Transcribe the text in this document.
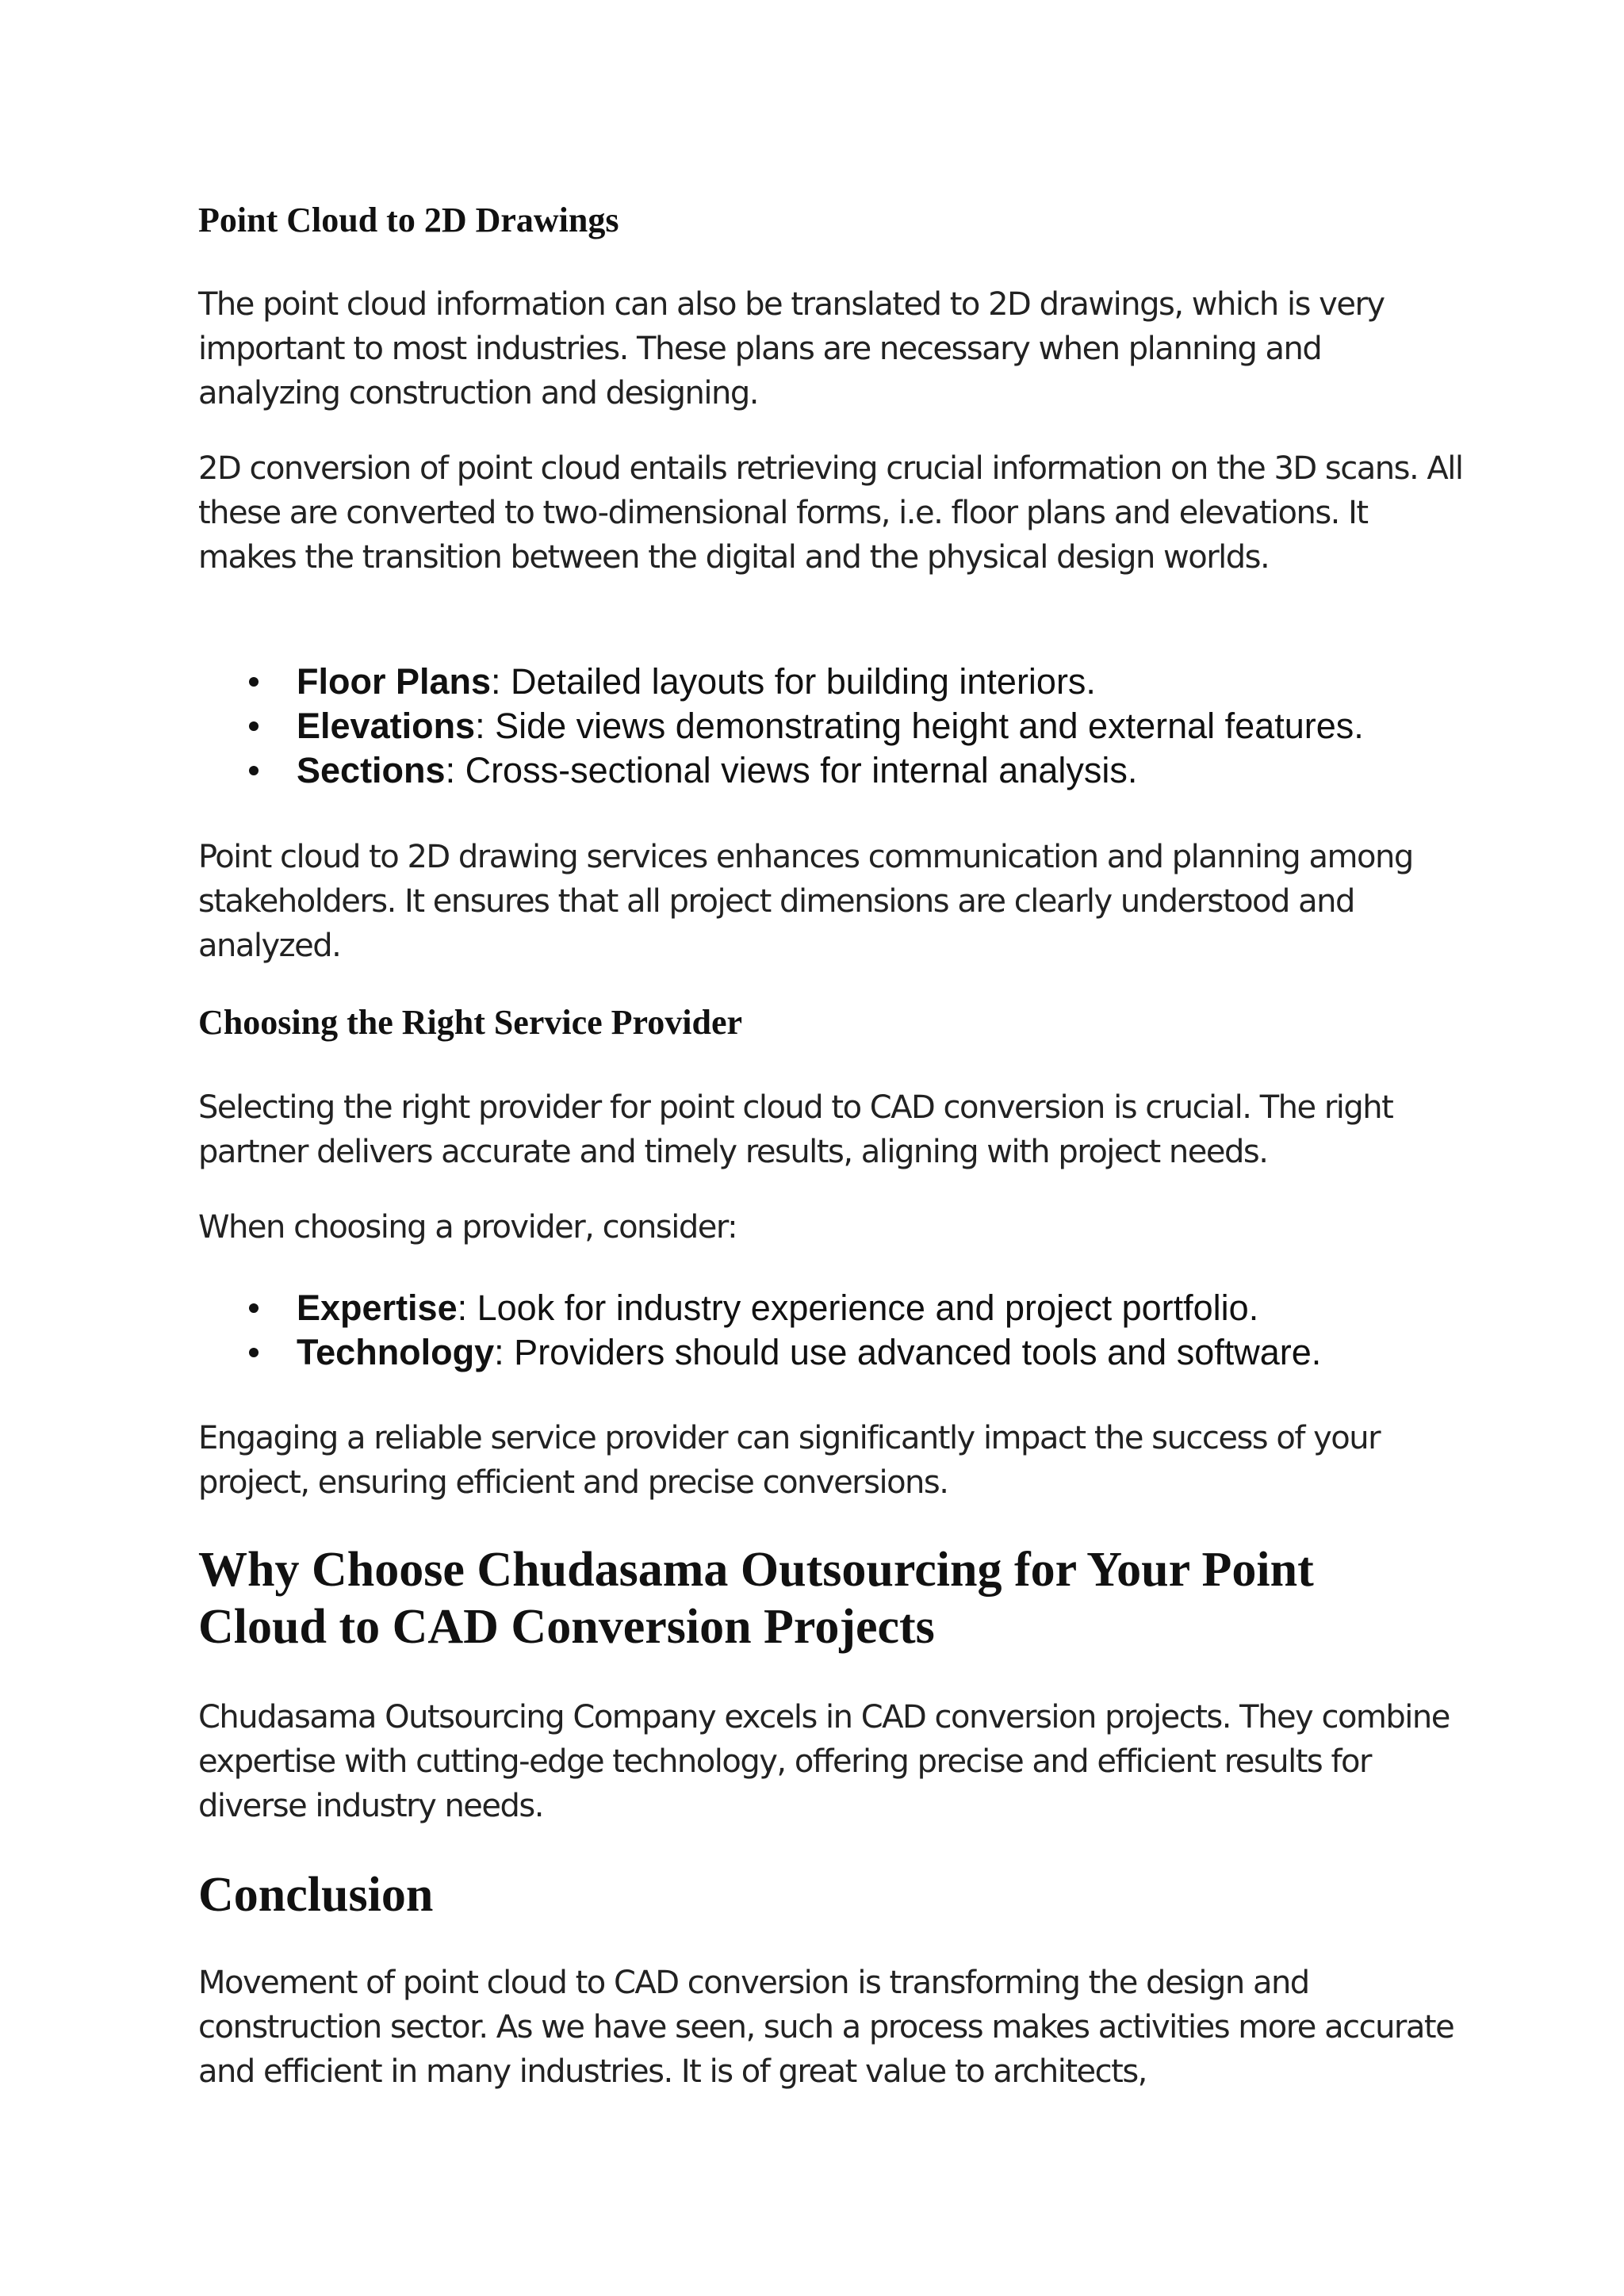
Point Cloud to 2D Drawings

The point cloud information can also be translated to 2D drawings, which is very important to most industries. These plans are necessary when planning and analyzing construction and designing.

2D conversion of point cloud entails retrieving crucial information on the 3D scans. All these are converted to two-dimensional forms, i.e. floor plans and elevations. It makes the transition between the digital and the physical design worlds.

Floor Plans: Detailed layouts for building interiors.
Elevations: Side views demonstrating height and external features.
Sections: Cross-sectional views for internal analysis.

Point cloud to 2D drawing services enhances communication and planning among stakeholders. It ensures that all project dimensions are clearly understood and analyzed.

Choosing the Right Service Provider

Selecting the right provider for point cloud to CAD conversion is crucial. The right partner delivers accurate and timely results, aligning with project needs.

When choosing a provider, consider:

Expertise: Look for industry experience and project portfolio.
Technology: Providers should use advanced tools and software.

Engaging a reliable service provider can significantly impact the success of your project, ensuring efficient and precise conversions.

Why Choose Chudasama Outsourcing for Your Point Cloud to CAD Conversion Projects

Chudasama Outsourcing Company excels in CAD conversion projects. They combine expertise with cutting-edge technology, offering precise and efficient results for diverse industry needs.

Conclusion

Movement of point cloud to CAD conversion is transforming the design and construction sector. As we have seen, such a process makes activities more accurate and efficient in many industries. It is of great value to architects,
